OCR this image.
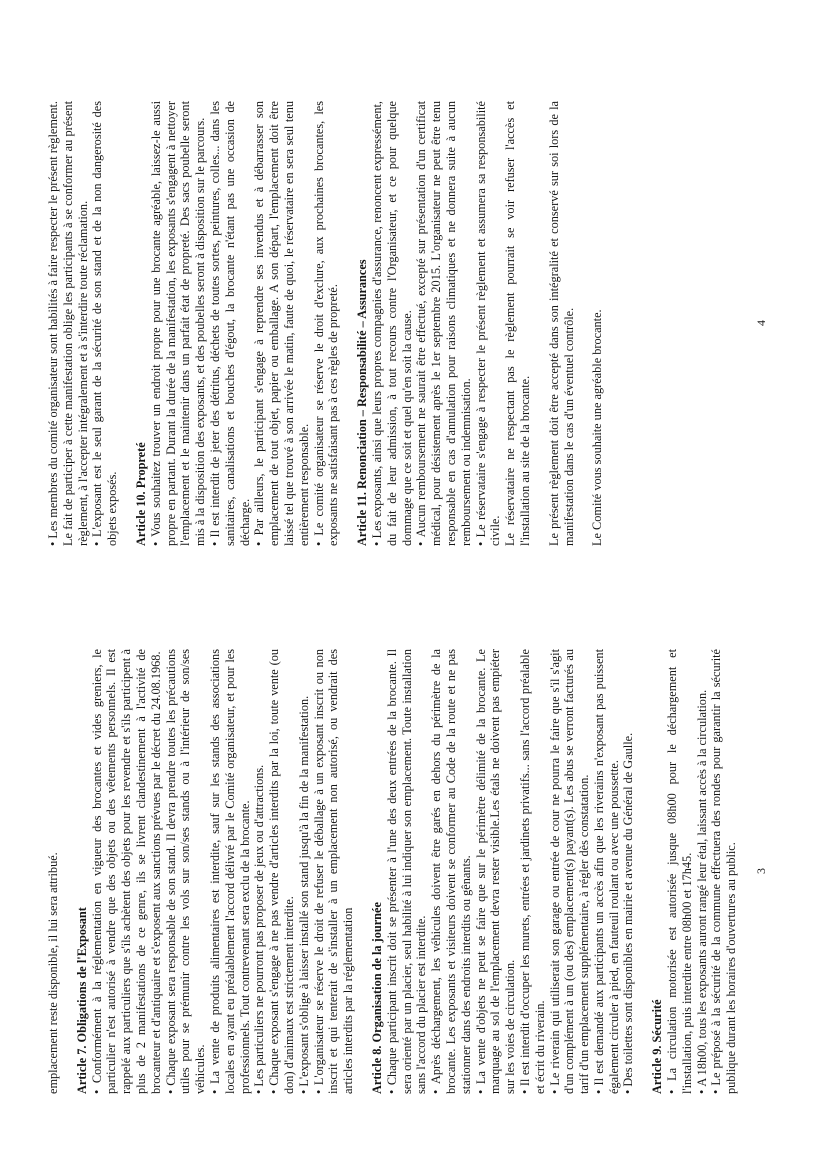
emplacement reste disponible, il lui sera attribué. Article 7. Obligations de l'Exposant • Conformément à la réglementation en vigueur des brocantes et vides greniers, le particulier n'est autorisé à vendre que des objets ou des vêtements personnels. Il est rappelé aux particuliers que s'ils achètent des objets pour les revendre et s'ils participent à plus de 2 manifestations de ce genre, ils se livrent clandestinement à l'activité de brocanteur et d'antiquaire et s'exposent aux sanctions prévues par le décret du 24.08.1968. • Chaque exposant sera responsable de son stand. Il devra prendre toutes les précautions utiles pour se prémunir contre les vols sur son/ses stands ou à l'intérieur de son/ses véhicules. • La vente de produits alimentaires est interdite, sauf sur les stands des associations locales en ayant eu préalablement l'accord délivré par le Comité organisateur, et pour les professionnels. Tout contrevenant sera exclu de la brocante. • Les particuliers ne pourront pas proposer de jeux ou d'attractions. • Chaque exposant s'engage à ne pas vendre d'articles interdits par la loi, toute vente (ou don) d'animaux est strictement interdite. • L'exposant s'oblige à laisser installé son stand jusqu'à la fin de la manifestation. • L'organisateur se réserve le droit de refuser le déballage à un exposant inscrit ou non inscrit et qui tenterait de s'installer à un emplacement non autorisé, ou vendrait des articles interdits par la réglementation Article 8. Organisation de la journée • Chaque participant inscrit doit se présenter à l'une des deux entrées de la brocante. Il sera orienté par un placier, seul habilité à lui indiquer son emplacement. Toute installation sans l'accord du placier est interdite. • Après déchargement, les véhicules doivent être garés en dehors du périmètre de la brocante. Les exposants et visiteurs doivent se conformer au Code de la route et ne pas stationner dans des endroits interdits ou gênants. • La vente d'objets ne peut se faire que sur le périmètre délimité de la brocante. Le marquage au sol de l'emplacement devra rester visible.Les étals ne doivent pas empiéter sur les voies de circulation. • Il est interdit d'occuper les murets, entrées et jardinets privatifs... sans l'accord préalable et écrit du riverain. • Le riverain qui utiliserait son garage ou entrée de cour ne pourra le faire que s'il s'agit d'un complément à un (ou des) emplacement(s) payant(s). Les abus se verront facturés au tarif d'un emplacement supplémentaire, à régler dès constatation. • Il est demandé aux participants un accès afin que les riverains n'exposant pas puissent également circuler à pied, en fauteuil roulant ou avec une poussette. • Des toilettes sont disponibles en mairie et avenue du Général de Gaulle. Article 9. Sécurité • La circulation motorisée est autorisée jusque 08h00 pour le déchargement et l'installation, puis interdite entre 08h00 et 17h45. • A 18h00, tous les exposants auront rangé leur étal, laissant accès à la circulation. • Le préposé à la sécurité de la commune effectuera des rondes pour garantir la sécurité publique durant les horaires d'ouvertures au public. 3

• Les membres du comité organisateur sont habilités à faire respecter le présent règlement. Le fait de participer à cette manifestation oblige les participants à se conformer au présent règlement, à l'accepter intégralement et à s'interdire toute réclamation. • L'exposant est le seul garant de la sécurité de son stand et de la non dangerosité des objets exposés. Article 10. Propreté • Vous souhaitez trouver un endroit propre pour une brocante agréable, laissez-le aussi propre en partant. Durant la durée de la manifestation, les exposants s'engagent à nettoyer l'emplacement et le maintenir dans un parfait état de propreté. Des sacs poubelle seront mis à la disposition des exposants, et des poubelles seront à disposition sur le parcours. • Il est interdit de jeter des détritus, déchets de toutes sortes, peintures, colles... dans les sanitaires, canalisations et bouches d'égout, la brocante n'étant pas une occasion de décharge. • Par ailleurs, le participant s'engage à reprendre ses invendus et à débarrasser son emplacement de tout objet, papier ou emballage. A son départ, l'emplacement doit être laissé tel que trouvé à son arrivée le matin, faute de quoi, le réservataire en sera seul tenu entièrement responsable. • Le comité organisateur se réserve le droit d'exclure, aux prochaines brocantes, les exposants ne satisfaisant pas à ces règles de propreté. Article 11. Renonciation – Responsabilité – Assurances • Les exposants, ainsi que leurs propres compagnies d'assurance, renoncent expressément, du fait de leur admission, à tout recours contre l'Organisateur, et ce pour quelque dommage que ce soit et quel qu'en soit la cause. • Aucun remboursement ne saurait être effectué, excepté sur présentation d'un certificat médical, pour désistement après le 1er septembre 2015. L'organisateur ne peut être tenu responsable en cas d'annulation pour raisons climatiques et ne donnera suite à aucun remboursement ou indemnisation. • Le réservataire s'engage à respecter le présent règlement et assumera sa responsabilité civile. Le réservataire ne respectant pas le règlement pourrait se voir refuser l'accès et l'installation au site de la brocante. Le présent règlement doit être accepté dans son intégralité et conservé sur soi lors de la manifestation dans le cas d'un éventuel contrôle. Le Comité vous souhaite une agréable brocante.	4
